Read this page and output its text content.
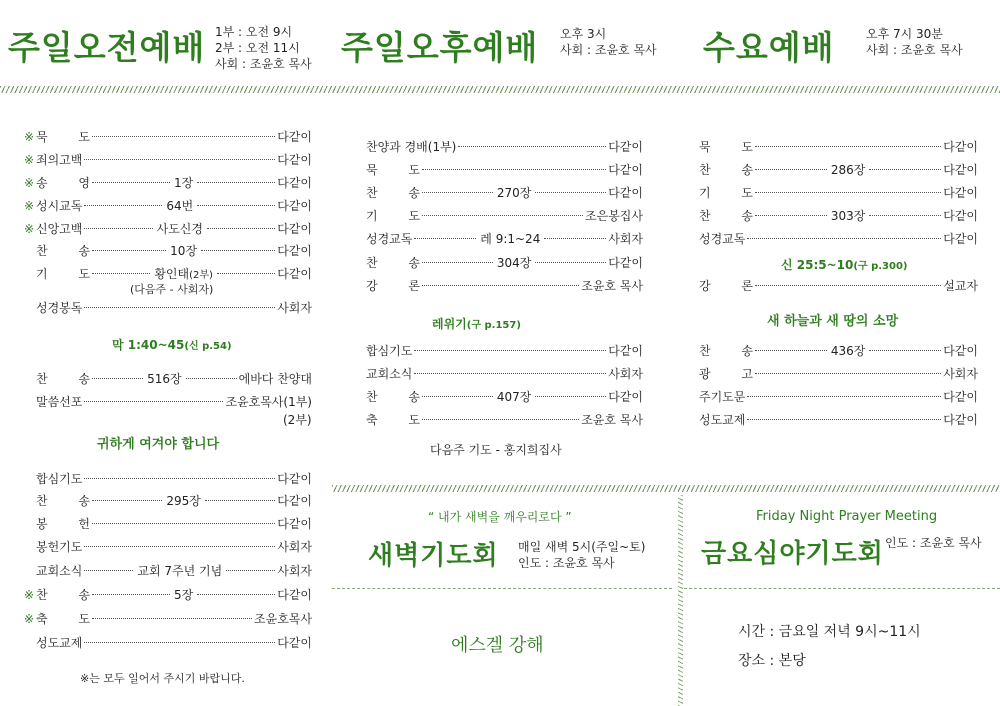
주일오전예배 1부 : 오전 9시
2부 : 오전 11시
사회 : 조윤호 목사 주일오후예배 오후 3시
사회 : 조윤호 목사 수요예배	오후 7시 30분
사회 : 조윤호 목사
“ 내가 새벽을 깨우리로다 ”
새벽기도회 매일 새벽 5시(주일~토)
인도 : 조윤호 목사
에스겔 강해
Friday Night Prayer Meeting
금요심야기도회 인도 : 조윤호 목사
시간 : 금요일 저녁 9시~11시
장소 : 본당
※ 묵	도	다같이
※ 죄의고백	다같이
※ 송	영	1장	다같이
※ 성시교독	64번	다같이
※ 신앙고백	사도신경	다같이
찬	송	10장	다같이
기	도	황인태(2부)	다같이
성경봉독	사회자
(다음주 - 사회자)
막 1:40~45(신 p.54)
찬	송	516장	에바다 찬양대
말씀선포	조윤호목사(1부)
(2부)
귀하게 여겨야 합니다
합심기도	다같이
찬	송	295장	다같이
봉	헌	다같이
봉헌기도	사회자
교회소식	교회 7주년 기념	사회자
※ 찬	송	5장	다같이
※ 축	도	조윤호목사
성도교제	다같이
※는 모두 일어서 주시기 바랍니다.
찬양과 경배(1부)	다같이
묵	도	다같이
찬	송	270장	다같이
기	도	조은봉집사
성경교독	레 9:1~24	사회자
찬	송	304장	다같이
강	론	조윤호 목사
레위기(구 p.157)
합심기도	다같이
교회소식	사회자
찬	송	407장	다같이
축	도	조윤호 목사
다음주 기도 - 홍지희집사
묵	도	다같이
찬	송	286장	다같이
기	도	다같이
찬	송	303장	다같이
성경교독	다같이
신 25:5~10(구 p.300)
강	론	설교자
새 하늘과 새 땅의 소망
찬	송	436장	다같이
광	고	사회자
주기도문	다같이
성도교제	다같이
